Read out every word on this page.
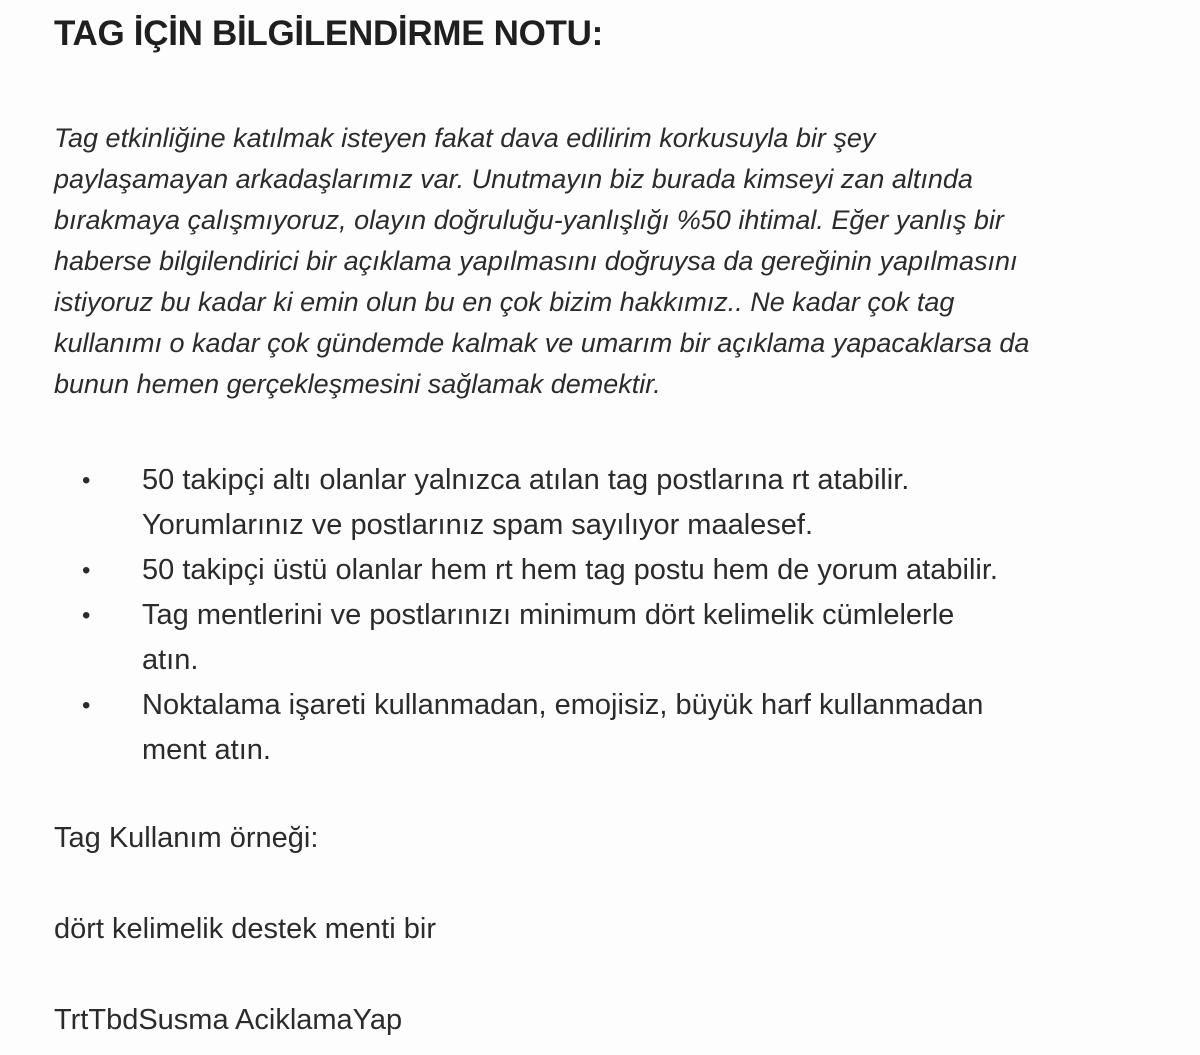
TAG İÇİN BİLGİLENDİRME NOTU:

Tag etkinliğine katılmak isteyen fakat dava edilirim korkusuyla bir şey
paylaşamayan arkadaşlarımız var. Unutmayın biz burada kimseyi zan altında
bırakmaya çalışmıyoruz, olayın doğruluğu-yanlışlığı %50 ihtimal. Eğer yanlış bir
haberse bilgilendirici bir açıklama yapılmasını doğruysa da gereğinin yapılmasını
istiyoruz bu kadar ki emin olun bu en çok bizim hakkımız.. Ne kadar çok tag
kullanımı o kadar çok gündemde kalmak ve umarım bir açıklama yapacaklarsa da
bunun hemen gerçekleşmesini sağlamak demektir.

• 50 takipçi altı olanlar yalnızca atılan tag postlarına rt atabilir.
Yorumlarınız ve postlarınız spam sayılıyor maalesef.
• 50 takipçi üstü olanlar hem rt hem tag postu hem de yorum atabilir.
• Tag mentlerini ve postlarınızı minimum dört kelimelik cümlelerle
atın.
• Noktalama işareti kullanmadan, emojisiz, büyük harf kullanmadan
ment atın.

Tag Kullanım örneği:

dört kelimelik destek menti bir

TrtTbdSusma AciklamaYap
